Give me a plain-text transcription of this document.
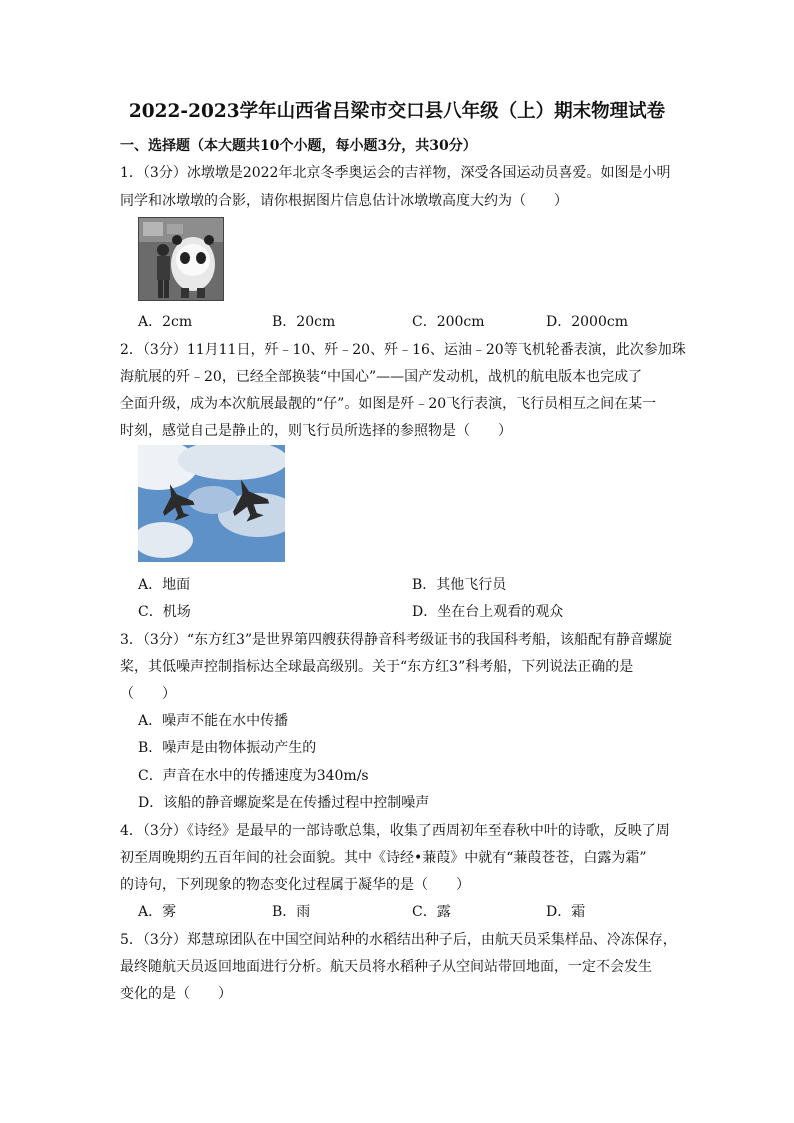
2022-2023学年山西省吕梁市交口县八年级（上）期末物理试卷
一、选择题（本大题共10个小题，每小题3分，共30分）
1．（3分）冰墩墩是2022年北京冬季奥运会的吉祥物，深受各国运动员喜爱。如图是小明
同学和冰墩墩的合影，请你根据图片信息估计冰墩墩高度大约为（　　）
A．2cm	B．20cm	C．200cm	D．2000cm
2．（3分）11月11日，歼﹣10、歼﹣20、歼﹣16、运油﹣20等飞机轮番表演，此次参加珠
海航展的歼﹣20，已经全部换装“中国心”——国产发动机，战机的航电版本也完成了
全面升级，成为本次航展最靓的“仔”。如图是歼﹣20飞行表演，飞行员相互之间在某一
时刻，感觉自己是静止的，则飞行员所选择的参照物是（　　）
A．地面	B．其他飞行员
C．机场	D．坐在台上观看的观众
3．（3分）“东方红3”是世界第四艘获得静音科考级证书的我国科考船，该船配有静音螺旋
桨，其低噪声控制指标达全球最高级别。关于“东方红3”科考船，下列说法正确的是
（　　）
A．噪声不能在水中传播
B．噪声是由物体振动产生的
C．声音在水中的传播速度为340m/s
D．该船的静音螺旋桨是在传播过程中控制噪声
4．（3分）《诗经》是最早的一部诗歌总集，收集了西周初年至春秋中叶的诗歌，反映了周
初至周晚期约五百年间的社会面貌。其中《诗经•蒹葭》中就有“蒹葭苍苍，白露为霜”
的诗句，下列现象的物态变化过程属于凝华的是（　　）
A．雾	B．雨	C．露	D．霜
5．（3分）郑慧琼团队在中国空间站种的水稻结出种子后，由航天员采集样品、冷冻保存，
最终随航天员返回地面进行分析。航天员将水稻种子从空间站带回地面，一定不会发生
变化的是（　　）
